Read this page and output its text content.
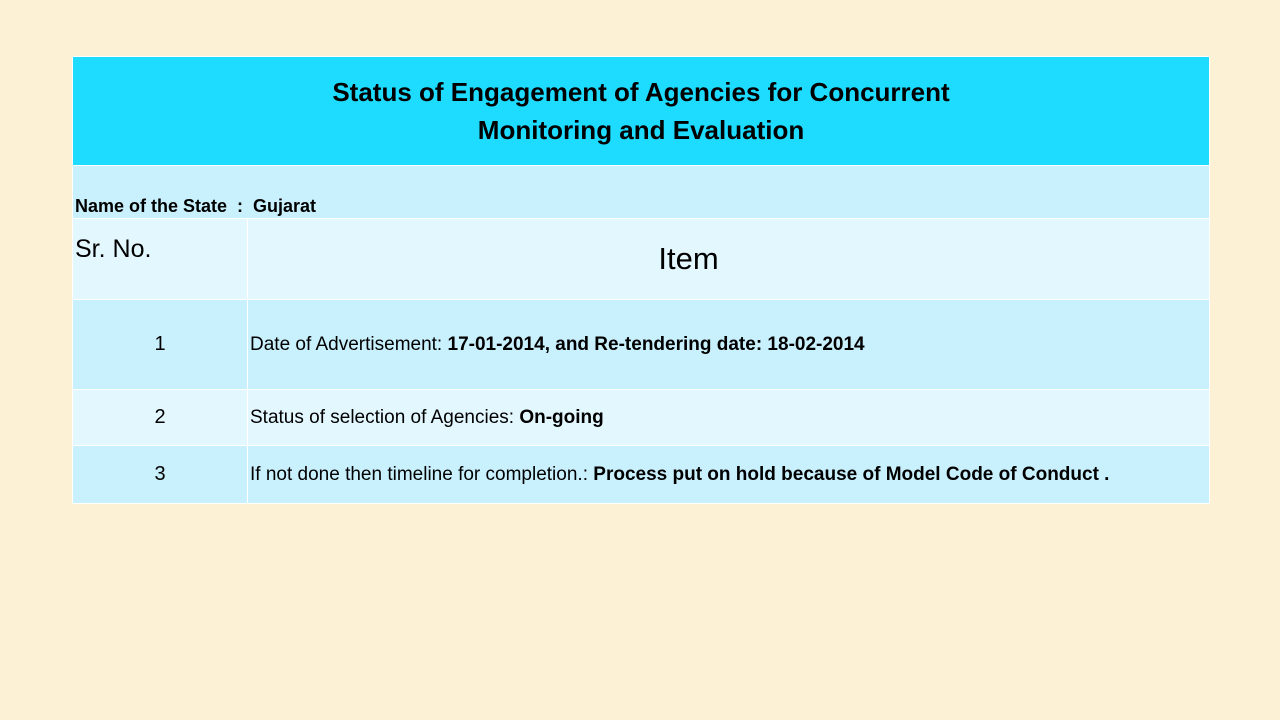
Status of Engagement of Agencies for Concurrent
Monitoring and Evaluation	

Name of the State  :  Gujarat	
Sr. No.	Item
1	Date of Advertisement: 17-01-2014, and Re-tendering date: 18-02-2014
2	Status of selection of Agencies: On-going
3	If not done then timeline for completion.: Process put on hold because of Model Code of Conduct .
